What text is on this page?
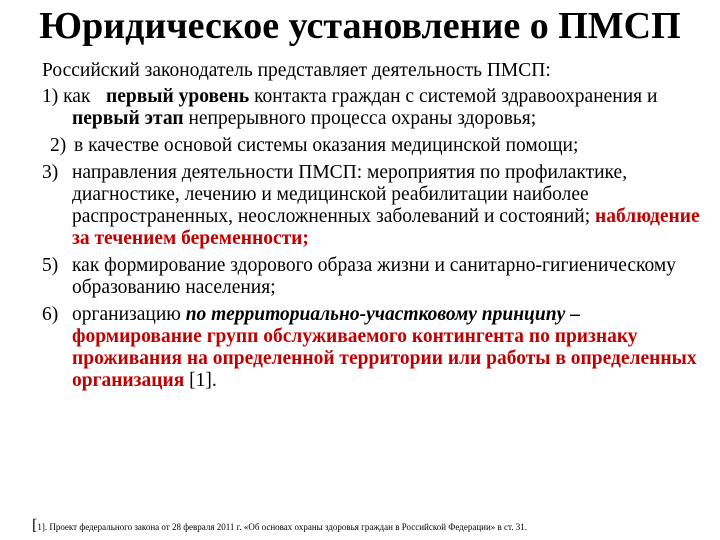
Юридическое установление о ПМСП

Российский законодатель представляет деятельность ПМСП:

1) как первый уровень контакта граждан с системой здравоохранения и первый этап непрерывного процесса охраны здоровья;
2) в качестве основой системы оказания медицинской помощи;
3) направления деятельности ПМСП: мероприятия по профилактике, диагностике, лечению и медицинской реабилитации наиболее распространенных, неосложненных заболеваний и состояний; наблюдение за течением беременности;
5) как формирование здорового образа жизни и санитарно-гигиеническому образованию населения;
6) организацию по территориально-участковому принципу – формирование групп обслуживаемого контингента по признаку проживания на определенной территории или работы в определенных организация [1].
[1]. Проект федерального закона от 28 февраля 2011 г. «Об основах охраны здоровья граждан в Российской Федерации» в ст. 31.
